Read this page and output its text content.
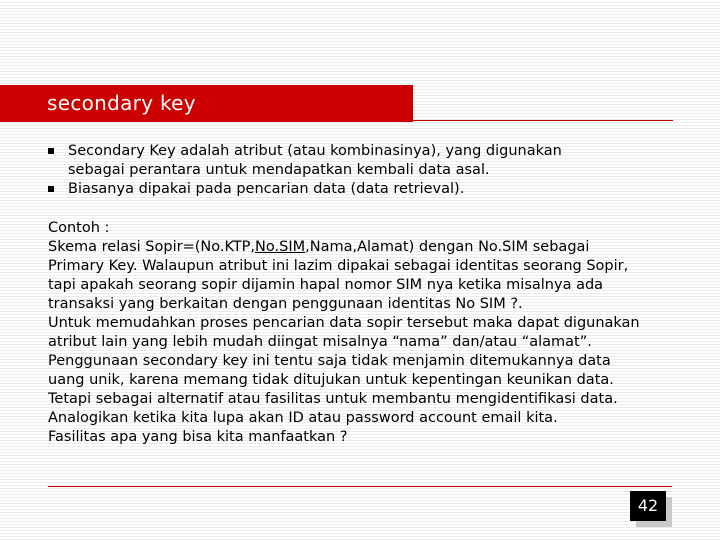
secondary key
Secondary Key adalah atribut (atau kombinasinya), yang digunakan
sebagai perantara untuk mendapatkan kembali data asal.
Biasanya dipakai pada pencarian data (data retrieval).

Contoh :

Skema relasi Sopir=(No.KTP,No.SIM,Nama,Alamat) dengan No.SIM sebagai

Primary Key. Walaupun atribut ini lazim dipakai sebagai identitas seorang Sopir,

tapi apakah seorang sopir dijamin hapal nomor SIM nya ketika misalnya ada

transaksi yang berkaitan dengan penggunaan identitas No SIM ?.

Untuk memudahkan proses pencarian data sopir tersebut maka dapat digunakan

atribut lain yang lebih mudah diingat misalnya “nama” dan/atau “alamat”.

Penggunaan secondary key ini tentu saja tidak menjamin ditemukannya data

uang unik, karena memang tidak ditujukan untuk kepentingan keunikan data.

Tetapi sebagai alternatif atau fasilitas untuk membantu mengidentifikasi data.

Analogikan ketika kita lupa akan ID atau password account email kita.

Fasilitas apa yang bisa kita manfaatkan ?

42
